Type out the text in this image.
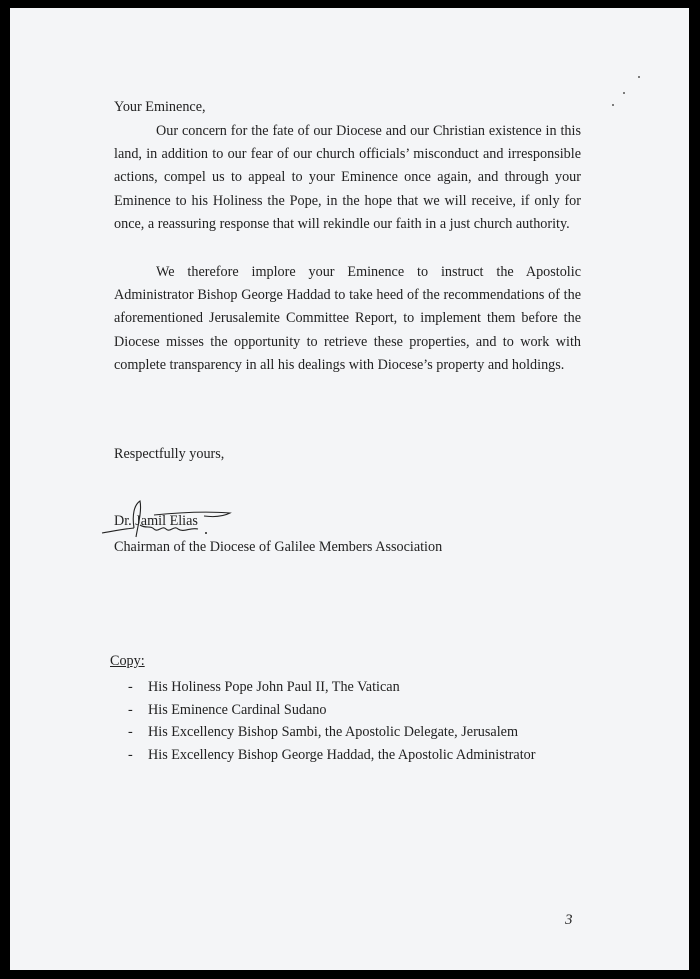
Your Eminence,
Our concern for the fate of our Diocese and our Christian existence in this land, in addition to our fear of our church officials’ misconduct and irresponsible actions, compel us to appeal to your Eminence once again, and through your Eminence to his Holiness the Pope, in the hope that we will receive, if only for once, a reassuring response that will rekindle our faith in a just church authority.
We therefore implore your Eminence to instruct the Apostolic Administrator Bishop George Haddad to take heed of the recommendations of the aforementioned Jerusalemite Committee Report, to implement them before the Diocese misses the opportunity to retrieve these properties, and to work with complete transparency in all his dealings with Diocese’s property and holdings.
Respectfully yours,
Dr. Jamil Elias
Chairman of the Diocese of Galilee Members Association
Copy:
- His Holiness Pope John Paul II, The Vatican
- His Eminence Cardinal Sudano
- His Excellency Bishop Sambi, the Apostolic Delegate, Jerusalem
- His Excellency Bishop George Haddad, the Apostolic Administrator
3
